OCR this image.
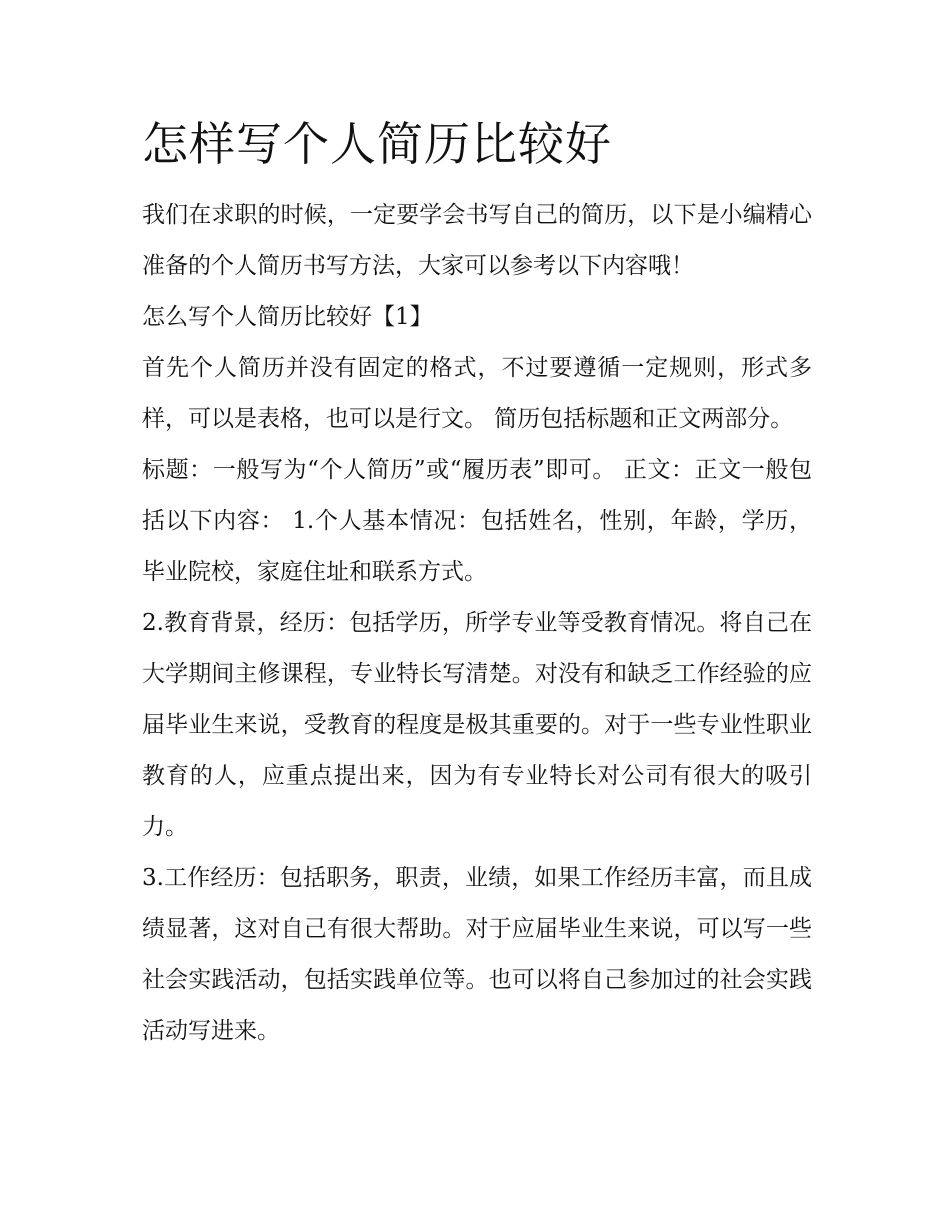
怎样写个人简历比较好

我们在求职的时候，一定要学会书写自己的简历，以下是小编精心准备的个人简历书写方法，大家可以参考以下内容哦！

怎么写个人简历比较好【1】

首先个人简历并没有固定的格式，不过要遵循一定规则，形式多样，可以是表格，也可以是行文。 简历包括标题和正文两部分。

标题：一般写为“个人简历”或“履历表”即可。 正文：正文一般包括以下内容： 1.个人基本情况：包括姓名，性别，年龄，学历，毕业院校，家庭住址和联系方式。

2.教育背景，经历：包括学历，所学专业等受教育情况。将自己在大学期间主修课程，专业特长写清楚。对没有和缺乏工作经验的应届毕业生来说，受教育的程度是极其重要的。对于一些专业性职业教育的人，应重点提出来，因为有专业特长对公司有很大的吸引力。

3.工作经历：包括职务，职责，业绩，如果工作经历丰富，而且成绩显著，这对自己有很大帮助。对于应届毕业生来说，可以写一些社会实践活动，包括实践单位等。也可以将自己参加过的社会实践活动写进来。
